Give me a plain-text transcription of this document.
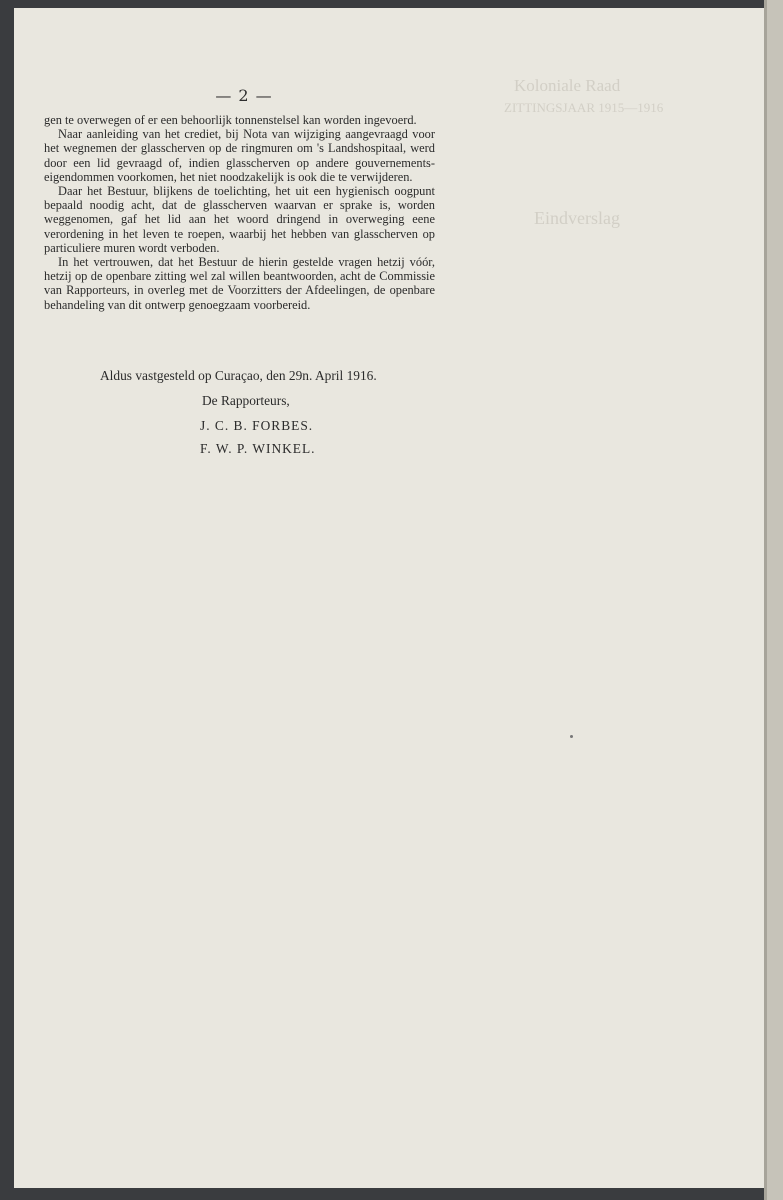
Koloniale Raad
ZITTINGSJAAR 1915—1916
Eindverslag
— 2 —

gen te overwegen of er een behoorlijk tonnenstelsel kan worden ingevoerd.

Naar aanleiding van het crediet, bij Nota van wijziging aangevraagd voor het wegnemen der glasscherven op de ringmuren om 's Landshospitaal, werd door een lid gevraagd of, indien glasscherven op andere gouvernements-eigendommen voorkomen, het niet noodzakelijk is ook die te verwijderen.

Daar het Bestuur, blijkens de toelichting, het uit een hygienisch oogpunt bepaald noodig acht, dat de glasscherven waarvan er sprake is, worden weggenomen, gaf het lid aan het woord dringend in overweging eene verordening in het leven te roepen, waarbij het hebben van glasscherven op particuliere muren wordt verboden.

In het vertrouwen, dat het Bestuur de hierin gestelde vragen hetzij vóór, hetzij op de openbare zitting wel zal willen beantwoorden, acht de Commissie van Rapporteurs, in overleg met de Voorzitters der Afdeelingen, de openbare behandeling van dit ontwerp genoegzaam voorbereid.

Aldus vastgesteld op Curaçao, den 29n. April 1916.
De Rapporteurs,
J. C. B. FORBES.
F. W. P. WINKEL.
